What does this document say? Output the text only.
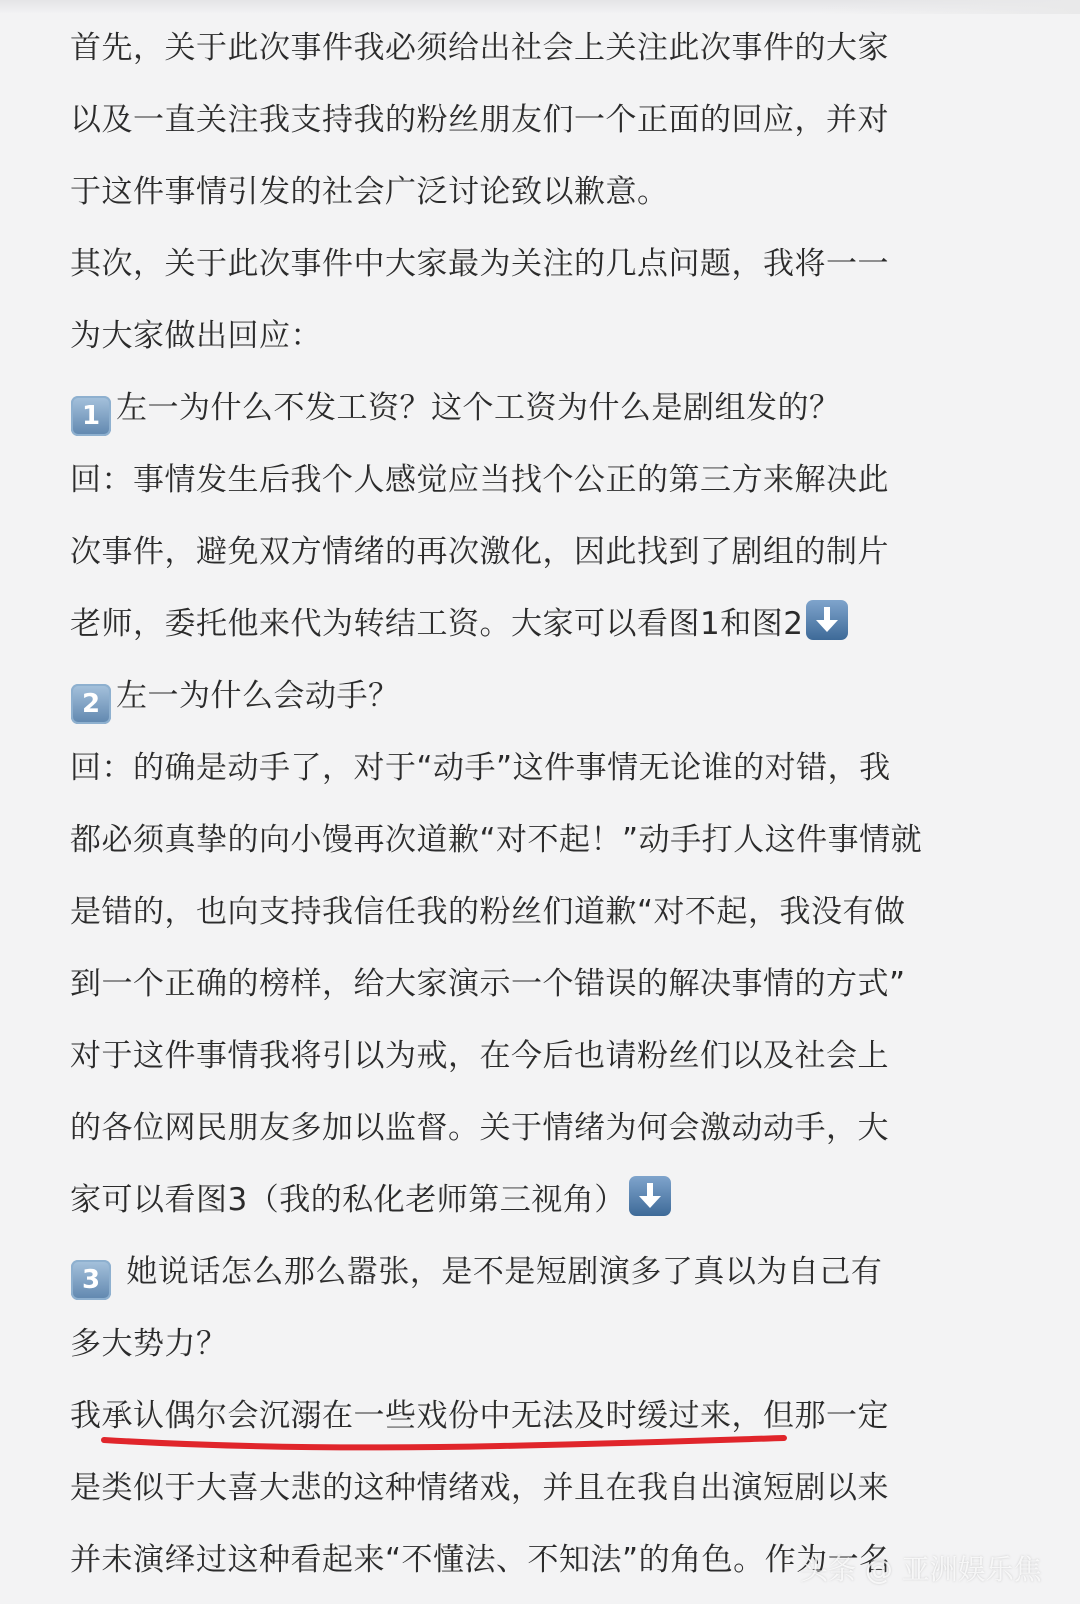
首先，关于此次事件我必须给出社会上关注此次事件的大家
以及一直关注我支持我的粉丝朋友们一个正面的回应，并对
于这件事情引发的社会广泛讨论致以歉意。
其次，关于此次事件中大家最为关注的几点问题，我将一一
为大家做出回应：
1 左一为什么不发工资？这个工资为什么是剧组发的？
回：事情发生后我个人感觉应当找个公正的第三方来解决此
次事件，避免双方情绪的再次激化，因此找到了剧组的制片
老师，委托他来代为转结工资。大家可以看图1和图2
2 左一为什么会动手？
回：的确是动手了，对于“动手”这件事情无论谁的对错，我
都必须真挚的向小馒再次道歉“对不起！”动手打人这件事情就
是错的，也向支持我信任我的粉丝们道歉“对不起，我没有做
到一个正确的榜样，给大家演示一个错误的解决事情的方式”
对于这件事情我将引以为戒，在今后也请粉丝们以及社会上
的各位网民朋友多加以监督。关于情绪为何会激动动手，大
家可以看图3（我的私化老师第三视角）
3 她说话怎么那么嚣张，是不是短剧演多了真以为自己有
多大势力？
我承认偶尔会沉溺在一些戏份中无法及时缓过来，但那一定
是类似于大喜大悲的这种情绪戏，并且在我自出演短剧以来
并未演绎过这种看起来“不懂法、不知法”的角色。作为一名
头条 @ 亚洲娱乐焦
